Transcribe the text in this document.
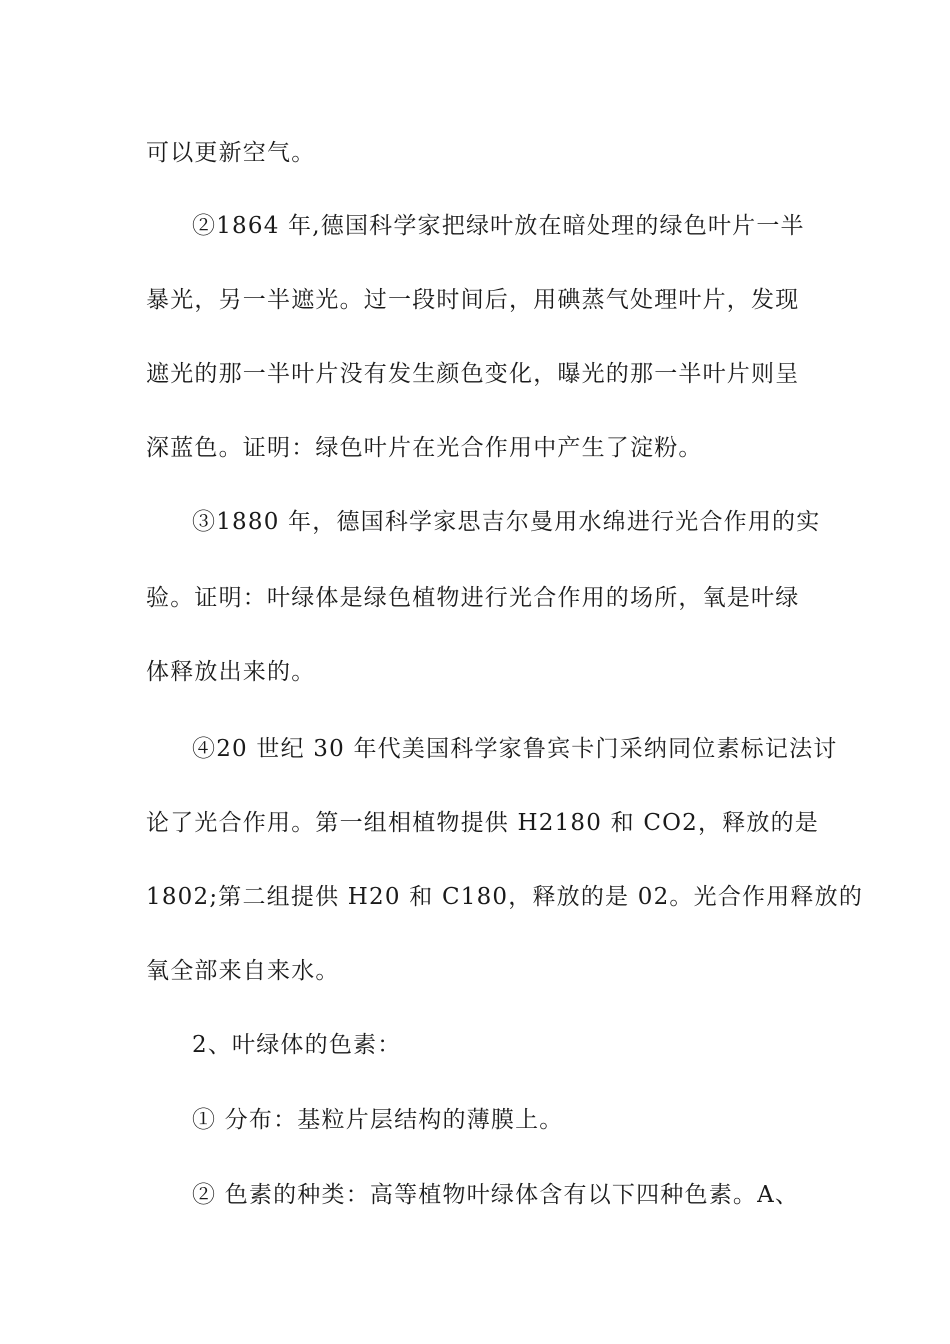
可以更新空气。
②1864 年,德国科学家把绿叶放在暗处理的绿色叶片一半
暴光，另一半遮光。过一段时间后，用碘蒸气处理叶片，发现
遮光的那一半叶片没有发生颜色变化，曝光的那一半叶片则呈
深蓝色。证明：绿色叶片在光合作用中产生了淀粉。
③1880 年，德国科学家思吉尔曼用水绵进行光合作用的实
验。证明：叶绿体是绿色植物进行光合作用的场所，氧是叶绿
体释放出来的。
④20 世纪 30 年代美国科学家鲁宾卡门采纳同位素标记法讨
论了光合作用。第一组相植物提供 H2180 和 CO2，释放的是
1802;第二组提供 H20 和 C180，释放的是 02。光合作用释放的
氧全部来自来水。
2、叶绿体的色素：
① 分布：基粒片层结构的薄膜上。
② 色素的种类：高等植物叶绿体含有以下四种色素。A、
